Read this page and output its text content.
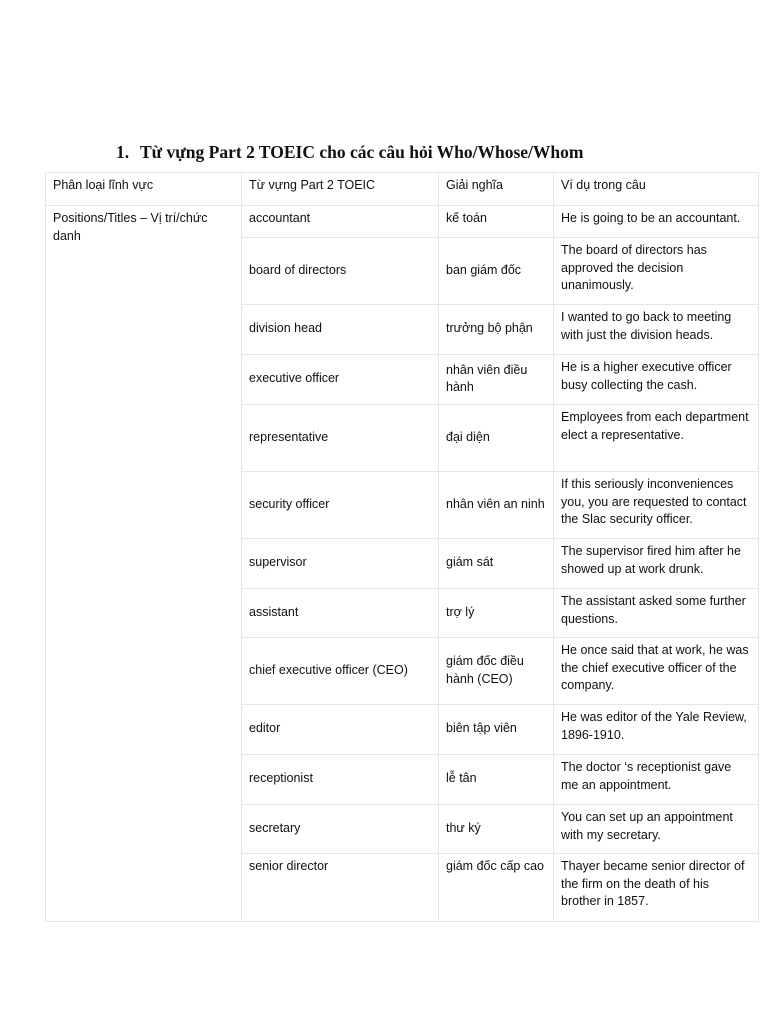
1. Từ vựng Part 2 TOEIC cho các câu hỏi Who/Whose/Whom
Phân loại lĩnh vực	Từ vựng Part 2 TOEIC	Giải nghĩa	Ví dụ trong câu
Positions/Titles – Vị trí/chức danh	accountant	kế toán	He is going to be an accountant.
	board of directors	ban giám đốc	The board of directors has approved the decision unanimously.
	division head	trưởng bộ phận	I wanted to go back to meeting with just the division heads.
	executive officer	nhân viên điều hành	He is a higher executive officer busy collecting the cash.
	representative	đại diện	Employees from each department elect a representative.
	security officer	nhân viên an ninh	If this seriously inconveniences you, you are requested to contact the Slac security officer.
	supervisor	giám sát	The supervisor fired him after he showed up at work drunk.
	assistant	trợ lý	The assistant asked some further questions.
	chief executive officer (CEO)	giám đốc điều hành (CEO)	He once said that at work, he was the chief executive officer of the company.
	editor	biên tập viên	He was editor of the Yale Review, 1896-1910.
	receptionist	lễ tân	The doctor ‘s receptionist gave me an appointment.
	secretary	thư ký	You can set up an appointment with my secretary.
	senior director	giám đốc cấp cao	Thayer became senior director of the firm on the death of his brother in 1857.
